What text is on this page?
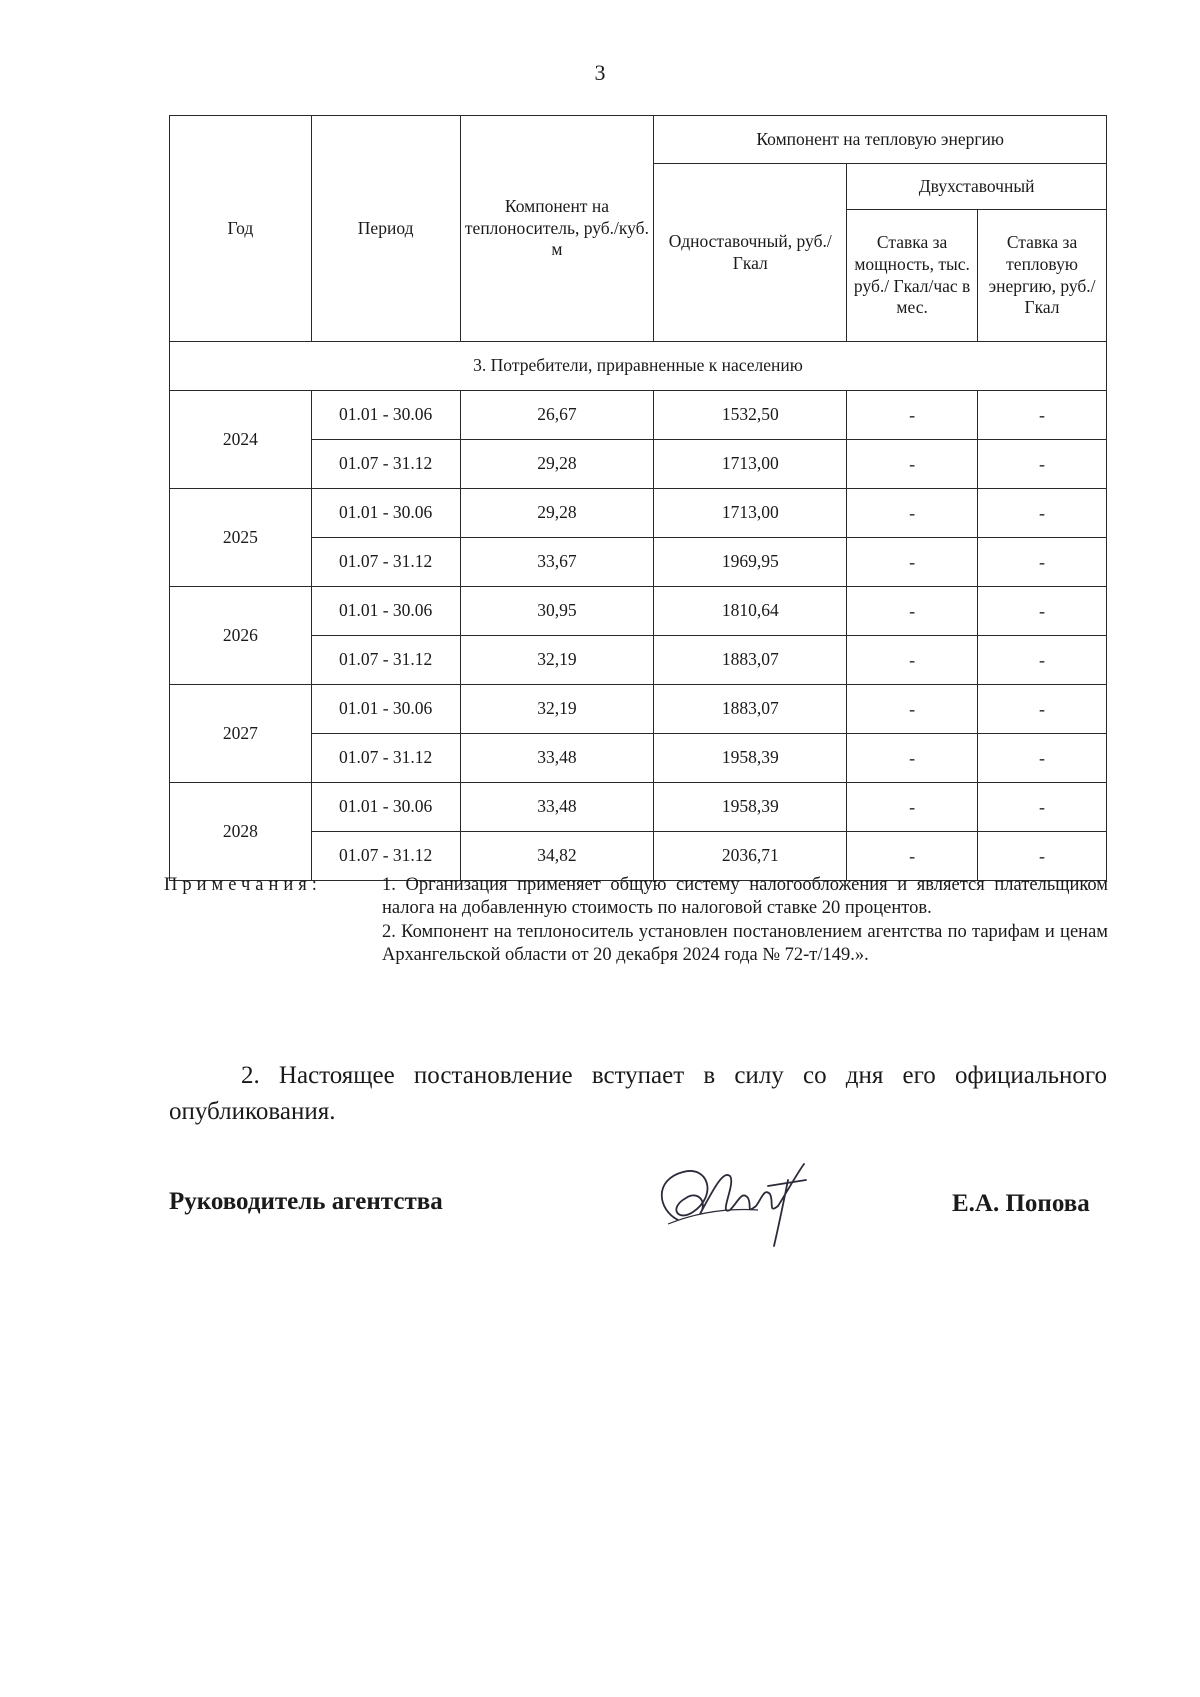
3
Год	Период	Компонент на теплоноситель, руб./куб. м	Компонент на тепловую энергию		
			Одноставочный, руб./Гкал	Двухставочный	
				Ставка за мощность, тыс. руб./ Гкал/час в мес.	Ставка за тепловую энергию, руб./Гкал
3. Потребители, приравненные к населению					
2024	01.01 - 30.06	26,67	1532,50	-	-
	01.07 - 31.12	29,28	1713,00	-	-
2025	01.01 - 30.06	29,28	1713,00	-	-
	01.07 - 31.12	33,67	1969,95	-	-
2026	01.01 - 30.06	30,95	1810,64	-	-
	01.07 - 31.12	32,19	1883,07	-	-
2027	01.01 - 30.06	32,19	1883,07	-	-
	01.07 - 31.12	33,48	1958,39	-	-
2028	01.01 - 30.06	33,48	1958,39	-	-
	01.07 - 31.12	34,82	2036,71	-	-
Примечания:	1. Организация применяет общую систему налогообложения и является плательщиком налога на добавленную стоимость по налоговой ставке 20 процентов.

2. Компонент на теплоноситель установлен постановлением агентства по тарифам и ценам Архангельской области от 20 декабря 2024 года № 72-т/149.».

2. Настоящее постановление вступает в силу со дня его официального опубликования.
Руководитель агентства	Е.А. Попова
